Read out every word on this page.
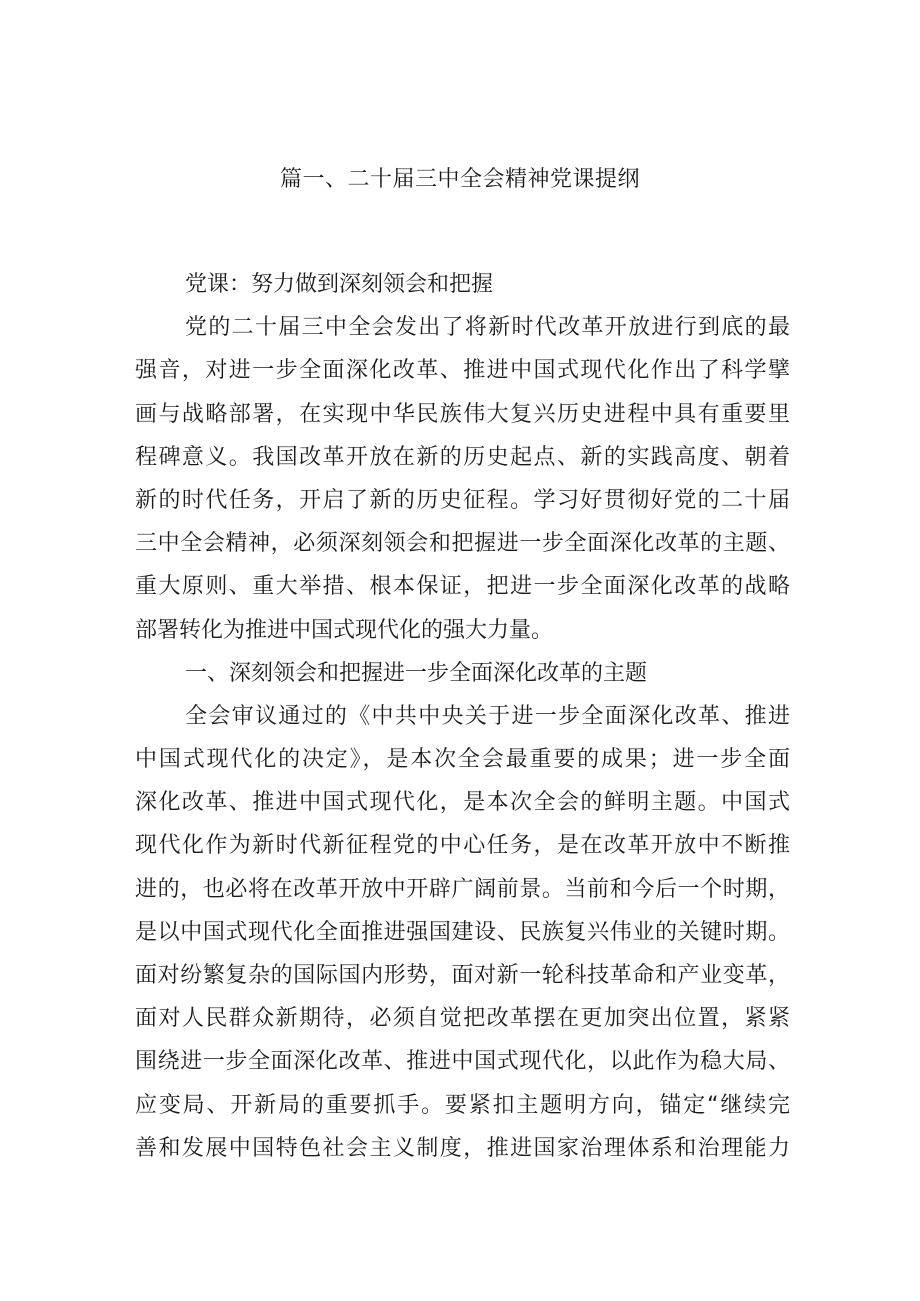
篇一、二十届三中全会精神党课提纲
党课：努力做到深刻领会和把握
党的二十届三中全会发出了将新时代改革开放进行到底的最
强音，对进一步全面深化改革、推进中国式现代化作出了科学擘
画与战略部署，在实现中华民族伟大复兴历史进程中具有重要里
程碑意义。我国改革开放在新的历史起点、新的实践高度、朝着
新的时代任务，开启了新的历史征程。学习好贯彻好党的二十届
三中全会精神，必须深刻领会和把握进一步全面深化改革的主题、
重大原则、重大举措、根本保证，把进一步全面深化改革的战略
部署转化为推进中国式现代化的强大力量。
一、深刻领会和把握进一步全面深化改革的主题
全会审议通过的《中共中央关于进一步全面深化改革、推进
中国式现代化的决定》，是本次全会最重要的成果；进一步全面
深化改革、推进中国式现代化，是本次全会的鲜明主题。中国式
现代化作为新时代新征程党的中心任务，是在改革开放中不断推
进的，也必将在改革开放中开辟广阔前景。当前和今后一个时期，
是以中国式现代化全面推进强国建设、民族复兴伟业的关键时期。
面对纷繁复杂的国际国内形势，面对新一轮科技革命和产业变革，
面对人民群众新期待，必须自觉把改革摆在更加突出位置，紧紧
围绕进一步全面深化改革、推进中国式现代化，以此作为稳大局、
应变局、开新局的重要抓手。要紧扣主题明方向，锚定“继续完
善和发展中国特色社会主义制度，推进国家治理体系和治理能力
